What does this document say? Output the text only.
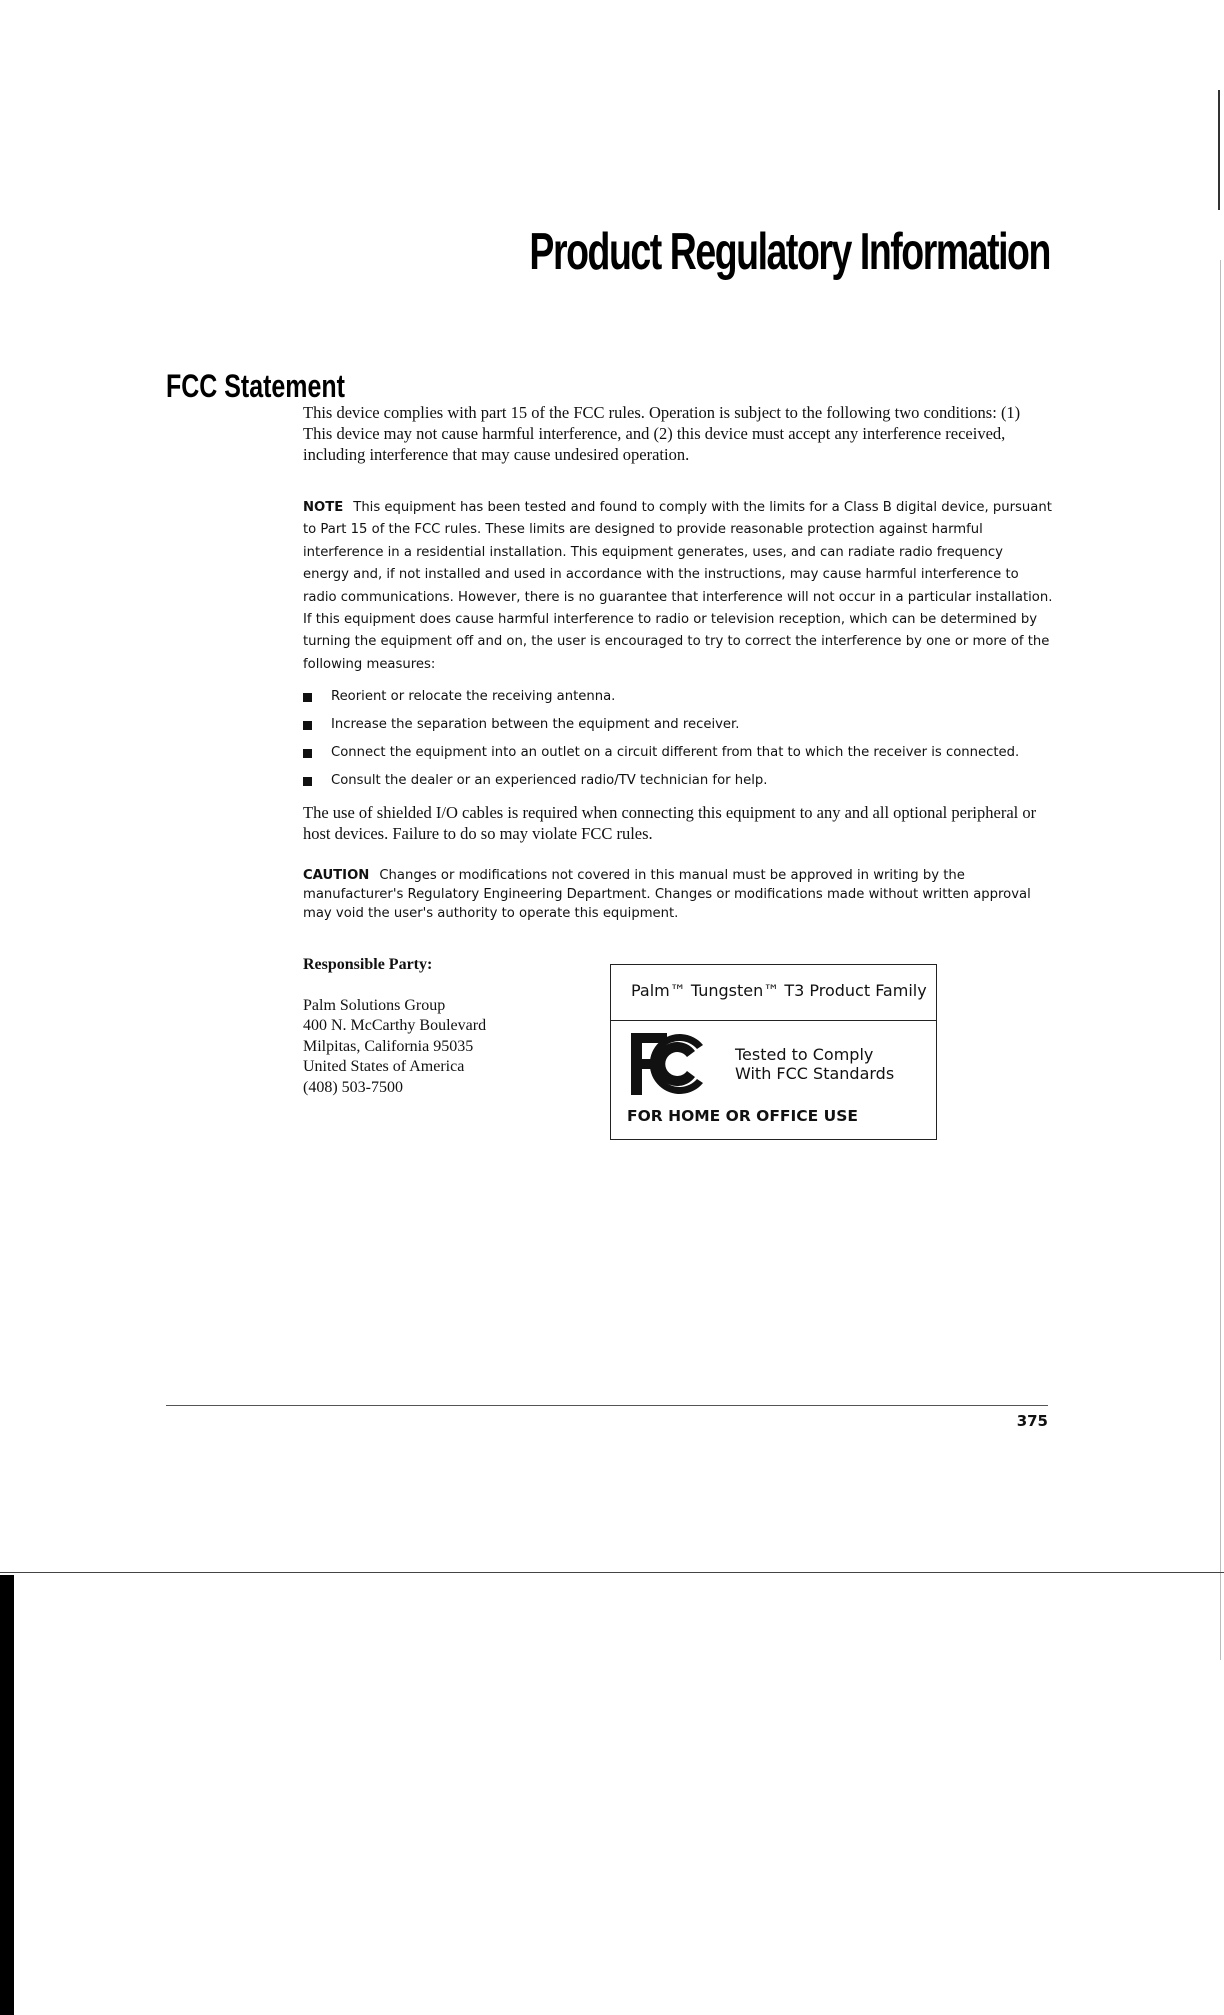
Product Regulatory Information
FCC Statement

This device complies with part 15 of the FCC rules. Operation is subject to the following two conditions: (1) This device may not cause harmful interference, and (2) this device must accept any interference received, including interference that may cause undesired operation.

NOTE This equipment has been tested and found to comply with the limits for a Class B digital device, pursuant to Part 15 of the FCC rules. These limits are designed to provide reasonable protection against harmful interference in a residential installation. This equipment generates, uses, and can radiate radio frequency energy and, if not installed and used in accordance with the instructions, may cause harmful interference to radio communications. However, there is no guarantee that interference will not occur in a particular installation. If this equipment does cause harmful interference to radio or television reception, which can be determined by turning the equipment off and on, the user is encouraged to try to correct the interference by one or more of the following measures:

Reorient or relocate the receiving antenna.
Increase the separation between the equipment and receiver.
Connect the equipment into an outlet on a circuit different from that to which the receiver is connected.
Consult the dealer or an experienced radio/TV technician for help.

The use of shielded I/O cables is required when connecting this equipment to any and all optional peripheral or host devices. Failure to do so may violate FCC rules.

CAUTION Changes or modifications not covered in this manual must be approved in writing by the manufacturer's Regulatory Engineering Department. Changes or modifications made without written approval may void the user's authority to operate this equipment.

Responsible Party:
Palm Solutions Group
400 N. McCarthy Boulevard
Milpitas, California 95035
United States of America
(408) 503-7500
Palm™ Tungsten™ T3 Product Family
Tested to Comply
With FCC Standards
FOR HOME OR OFFICE USE
375
